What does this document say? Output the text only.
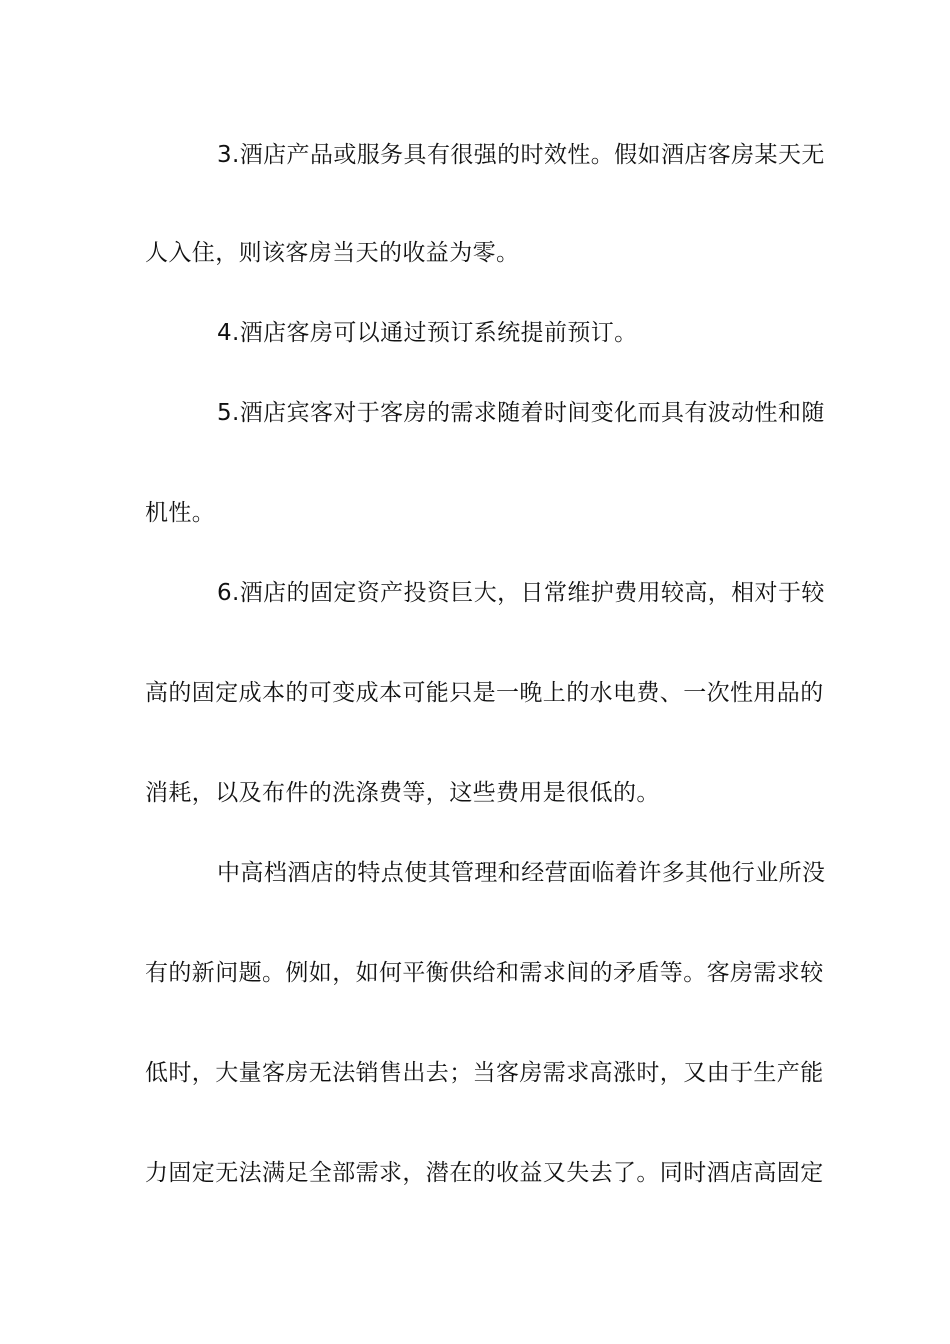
3.酒店产品或服务具有很强的时效性。假如酒店客房某天无
人入住，则该客房当天的收益为零。
4.酒店客房可以通过预订系统提前预订。
5.酒店宾客对于客房的需求随着时间变化而具有波动性和随
机性。
6.酒店的固定资产投资巨大，日常维护费用较高，相对于较
高的固定成本的可变成本可能只是一晚上的水电费、一次性用品的
消耗，以及布件的洗涤费等，这些费用是很低的。
中高档酒店的特点使其管理和经营面临着许多其他行业所没
有的新问题。例如，如何平衡供给和需求间的矛盾等。客房需求较
低时，大量客房无法销售出去；当客房需求高涨时，又由于生产能
力固定无法满足全部需求，潜在的收益又失去了。同时酒店高固定
